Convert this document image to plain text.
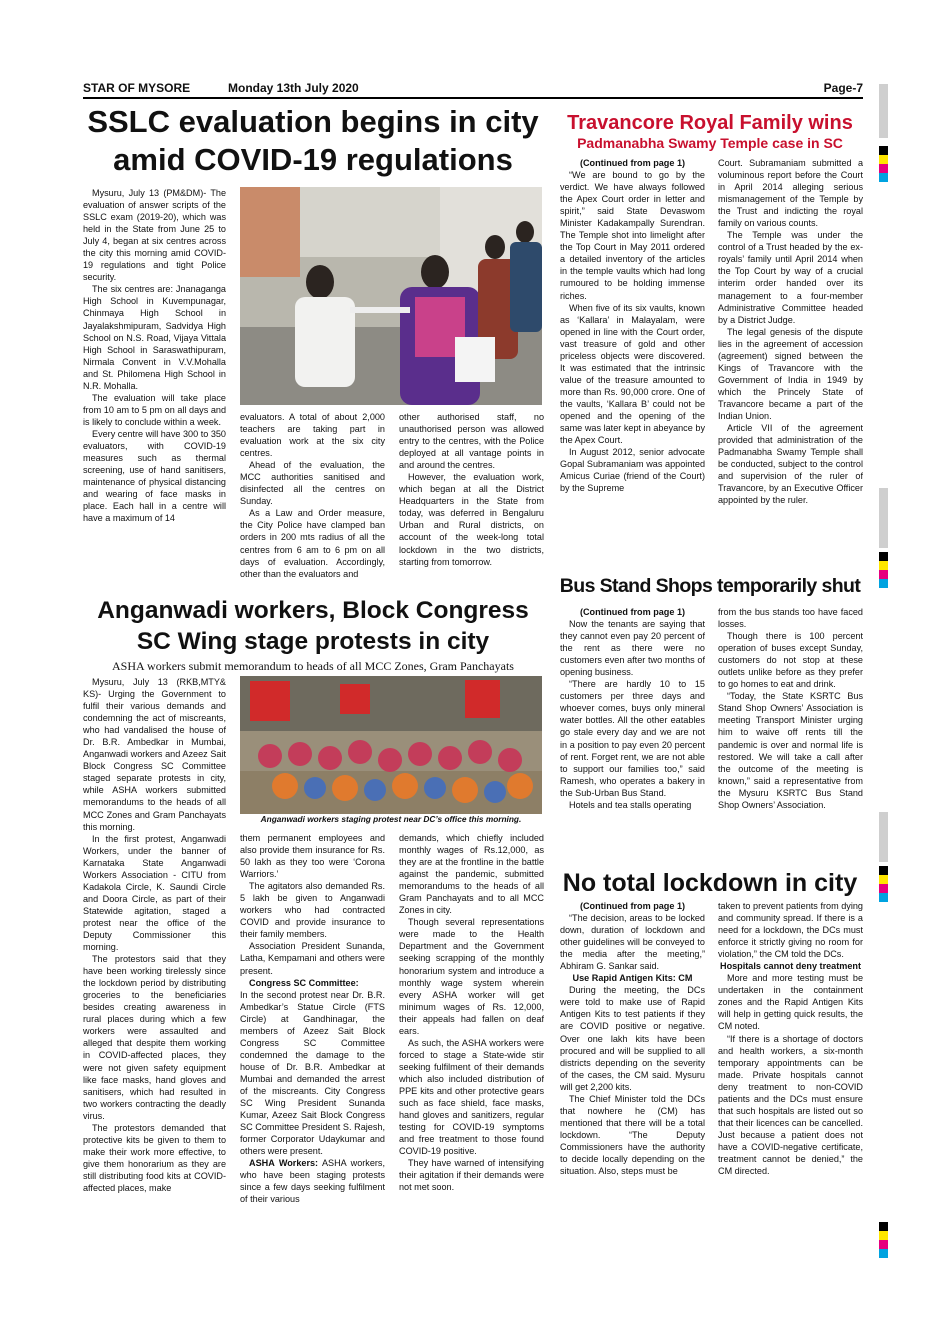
STAR OF MYSORE	Monday 13th July 2020	Page-7
SSLC evaluation begins in city amid COVID-19 regulations

Mysuru, July 13 (PM&DM)- The evaluation of answer scripts of the SSLC exam (2019-20), which was held in the State from June 25 to July 4, began at six centres across the city this morning amid COVID-19 regulations and tight Police security.

The six centres are: Jnanaganga High School in Kuvempunagar, Chinmaya High School in Jayalakshmipuram, Sadvidya High School on N.S. Road, Vijaya Vittala High School in Saraswathipuram, Nirmala Convent in V.V.Mohalla and St. Philomena High School in N.R. Mohalla.

The evaluation will take place from 10 am to 5 pm on all days and is likely to conclude within a week.

Every centre will have 300 to 350 evaluators, with COVID-19 measures such as thermal screening, use of hand sanitisers, maintenance of physical distancing and wearing of face masks in place. Each hall in a centre will have a maximum of 14

evaluators. A total of about 2,000 teachers are taking part in evaluation work at the six city centres.

Ahead of the evaluation, the MCC authorities sanitised and disinfected all the centres on Sunday.

As a Law and Order measure, the City Police have clamped ban orders in 200 mts radius of all the centres from 6 am to 6 pm on all days of evaluation. Accordingly, other than the evaluators and

other authorised staff, no unauthorised person was allowed entry to the centres, with the Police deployed at all vantage points in and around the centres.

However, the evaluation work, which began at all the District Headquarters in the State from today, was deferred in Bengaluru Urban and Rural districts, on account of the week-long total lockdown in the two districts, starting from tomorrow.

Travancore Royal Family wins
Padmanabha Swamy Temple case in SC

(Continued from page 1)

“We are bound to go by the verdict. We have always followed the Apex Court order in letter and spirit,” said State Devaswom Minister Kadakampally Surendran. The Temple shot into limelight after the Top Court in May 2011 ordered a detailed inventory of the articles in the temple vaults which had long rumoured to be holding immense riches.

When five of its six vaults, known as ‘Kallara’ in Malayalam, were opened in line with the Court order, vast treasure of gold and other priceless objects were discovered. It was estimated that the intrinsic value of the treasure amounted to more than Rs. 90,000 crore. One of the vaults, ‘Kallara B’ could not be opened and the opening of the same was later kept in abeyance by the Apex Court.

In August 2012, senior advocate Gopal Subramaniam was appointed Amicus Curiae (friend of the Court) by the Supreme

Court. Subramaniam submitted a voluminous report before the Court in April 2014 alleging serious mismanagement of the Temple by the Trust and indicting the royal family on various counts.

The Temple was under the control of a Trust headed by the ex-royals’ family until April 2014 when the Top Court by way of a crucial interim order handed over its management to a four-member Administrative Committee headed by a District Judge.

The legal genesis of the dispute lies in the agreement of accession (agreement) signed between the Kings of Travancore with the Government of India in 1949 by which the Princely State of Travancore became a part of the Indian Union.

Article VII of the agreement provided that administration of the Padmanabha Swamy Temple shall be conducted, subject to the control and supervision of the ruler of Travancore, by an Executive Officer appointed by the ruler.

Bus Stand Shops temporarily shut

(Continued from page 1)

Now the tenants are saying that they cannot even pay 20 percent of the rent as there were no customers even after two months of opening business.

“There are hardly 10 to 15 customers per three days and whoever comes, buys only mineral water bottles. All the other eatables go stale every day and we are not in a position to pay even 20 percent of rent. Forget rent, we are not able to support our families too,” said Ramesh, who operates a bakery in the Sub-Urban Bus Stand.

Hotels and tea stalls operating

from the bus stands too have faced losses.

Though there is 100 percent operation of buses except Sunday, customers do not stop at these outlets unlike before as they prefer to go homes to eat and drink.

“Today, the State KSRTC Bus Stand Shop Owners’ Association is meeting Transport Minister urging him to waive off rents till the pandemic is over and normal life is restored. We will take a call after the outcome of the meeting is known,” said a representative from the Mysuru KSRTC Bus Stand Shop Owners’ Association.

Anganwadi workers, Block Congress SC Wing stage protests in city
ASHA workers submit memorandum to heads of all MCC Zones, Gram Panchayats

Mysuru, July 13 (RKB,MTY& KS)- Urging the Government to fulfil their various demands and condemning the act of miscreants, who had vandalised the house of Dr. B.R. Ambedkar in Mumbai, Anganwadi workers and Azeez Sait Block Congress SC Committee staged separate protests in city, while ASHA workers submitted memorandums to the heads of all MCC Zones and Gram Panchayats this morning.

In the first protest, Anganwadi Workers, under the banner of Karnataka State Anganwadi Workers Association - CITU from Kadakola Circle, K. Saundi Circle and Doora Circle, as part of their Statewide agitation, staged a protest near the office of the Deputy Commissioner this morning.

The protestors said that they have been working tirelessly since the lockdown period by distributing groceries to the beneficiaries besides creating awareness in rural places during which a few workers were assaulted and alleged that despite them working in COVID-affected places, they were not given safety equipment like face masks, hand gloves and sanitisers, which had resulted in two workers contracting the deadly virus.

The protestors demanded that protective kits be given to them to make their work more effective, to give them honorarium as they are still distributing food kits at COVID-affected places, make

Anganwadi workers staging protest near DC’s office this morning.

them permanent employees and also provide them insurance for Rs. 50 lakh as they too were ‘Corona Warriors.’

The agitators also demanded Rs. 5 lakh be given to Anganwadi workers who had contracted COVID and provide insurance to their family members.

Association President Sunanda, Latha, Kempamani and others were present.

Congress SC Committee:

In the second protest near Dr. B.R. Ambedkar’s Statue Circle (FTS Circle) at Gandhinagar, the members of Azeez Sait Block Congress SC Committee condemned the damage to the house of Dr. B.R. Ambedkar at Mumbai and demanded the arrest of the miscreants. City Congress SC Wing President Sunanda Kumar, Azeez Sait Block Congress SC Committee President S. Rajesh, former Corporator Udaykumar and others were present.

ASHA Workers: ASHA workers, who have been staging protests since a few days seeking fulfilment of their various

demands, which chiefly included monthly wages of Rs.12,000, as they are at the frontline in the battle against the pandemic, submitted memorandums to the heads of all Gram Panchayats and to all MCC Zones in city.

Though several representations were made to the Health Department and the Government seeking scrapping of the monthly honorarium system and introduce a monthly wage system wherein every ASHA worker will get minimum wages of Rs. 12,000, their appeals had fallen on deaf ears.

As such, the ASHA workers were forced to stage a State-wide stir seeking fulfilment of their demands which also included distribution of PPE kits and other protective gears such as face shield, face masks, hand gloves and sanitizers, regular testing for COVID-19 symptoms and free treatment to those found COVID-19 positive.

They have warned of intensifying their agitation if their demands were not met soon.

No total lockdown in city

(Continued from page 1)

“The decision, areas to be locked down, duration of lockdown and other guidelines will be conveyed to the media after the meeting,” Abhiram G. Sankar said.

Use Rapid Antigen Kits: CM

During the meeting, the DCs were told to make use of Rapid Antigen Kits to test patients if they are COVID positive or negative. Over one lakh kits have been procured and will be supplied to all districts depending on the severity of the cases, the CM said. Mysuru will get 2,200 kits.

The Chief Minister told the DCs that nowhere he (CM) has mentioned that there will be a total lockdown. “The Deputy Commissioners have the authority to decide locally depending on the situation. Also, steps must be

taken to prevent patients from dying and community spread. If there is a need for a lockdown, the DCs must enforce it strictly giving no room for violation,” the CM told the DCs.

Hospitals cannot deny treatment

More and more testing must be undertaken in the containment zones and the Rapid Antigen Kits will help in getting quick results, the CM noted.

“If there is a shortage of doctors and health workers, a six-month temporary appointments can be made. Private hospitals cannot deny treatment to non-COVID patients and the DCs must ensure that such hospitals are listed out so that their licences can be cancelled. Just because a patient does not have a COVID-negative certificate, treatment cannot be denied,” the CM directed.
